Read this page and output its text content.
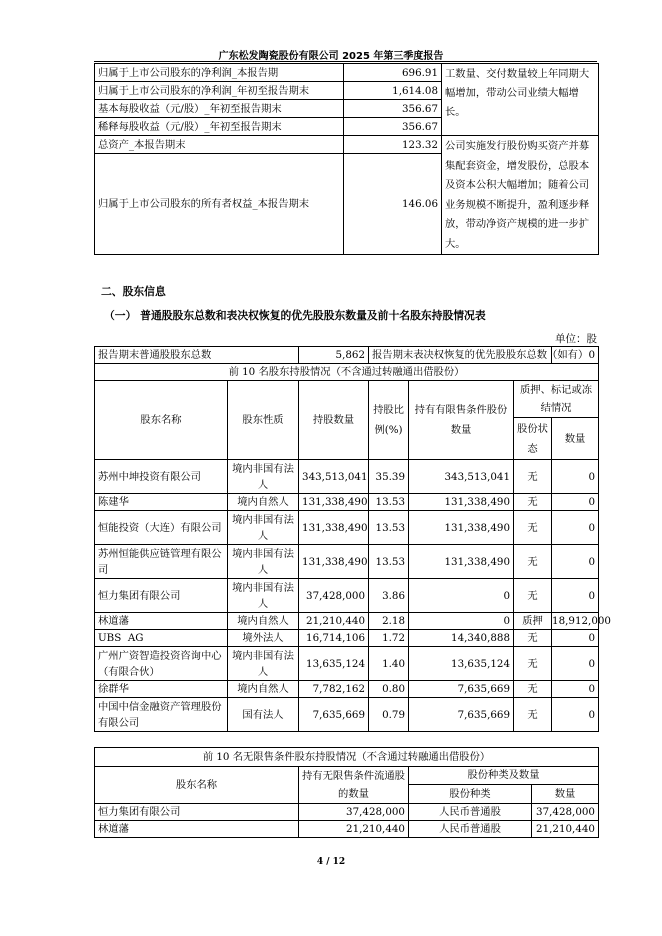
广东松发陶瓷股份有限公司 2025 年第三季度报告
归属于上市公司股东的净利润_本报告期	696.91	工数量、交付数量较上年同期大幅增加，带动公司业绩大幅增长。
归属于上市公司股东的净利润_年初至报告期末	1,614.08	
基本每股收益（元/股）_年初至报告期末	356.67	
稀释每股收益（元/股）_年初至报告期末	356.67	
总资产_本报告期末	123.32	公司实施发行股份购买资产并募集配套资金，增发股份，总股本及资本公积大幅增加；随着公司业务规模不断提升，盈利逐步释放，带动净资产规模的进一步扩大。
归属于上市公司股东的所有者权益_本报告期末	146.06	
二、股东信息
（一） 普通股股东总数和表决权恢复的优先股股东数量及前十名股东持股情况表
单位：股
报告期末普通股股东总数		5,862	报告期末表决权恢复的优先股股东总数（如有）			0
前 10 名股东持股情况（不含通过转融通出借股份）						
股东名称	股东性质	持股数量	持股比例(%)	持有有限售条件股份数量	质押、标记或冻结情况	
					股份状态	数量
苏州中坤投资有限公司	境内非国有法人	343,513,041	35.39	343,513,041	无	0
陈建华	境内自然人	131,338,490	13.53	131,338,490	无	0
恒能投资（大连）有限公司	境内非国有法人	131,338,490	13.53	131,338,490	无	0
苏州恒能供应链管理有限公司	境内非国有法人	131,338,490	13.53	131,338,490	无	0
恒力集团有限公司	境内非国有法人	37,428,000	3.86	0	无	0
林道藩	境内自然人	21,210,440	2.18	0	质押	18,912,000
UBS  AG	境外法人	16,714,106	1.72	14,340,888	无	0
广州广资智造投资咨询中心（有限合伙）	境内非国有法人	13,635,124	1.40	13,635,124	无	0
徐群华	境内自然人	7,782,162	0.80	7,635,669	无	0
中国中信金融资产管理股份有限公司	国有法人	7,635,669	0.79	7,635,669	无	0
前 10 名无限售条件股东持股情况（不含通过转融通出借股份）			
股东名称	持有无限售条件流通股的数量	股份种类及数量	
		股份种类	数量
恒力集团有限公司	37,428,000	人民币普通股	37,428,000
林道藩	21,210,440	人民币普通股	21,210,440
4 / 12
